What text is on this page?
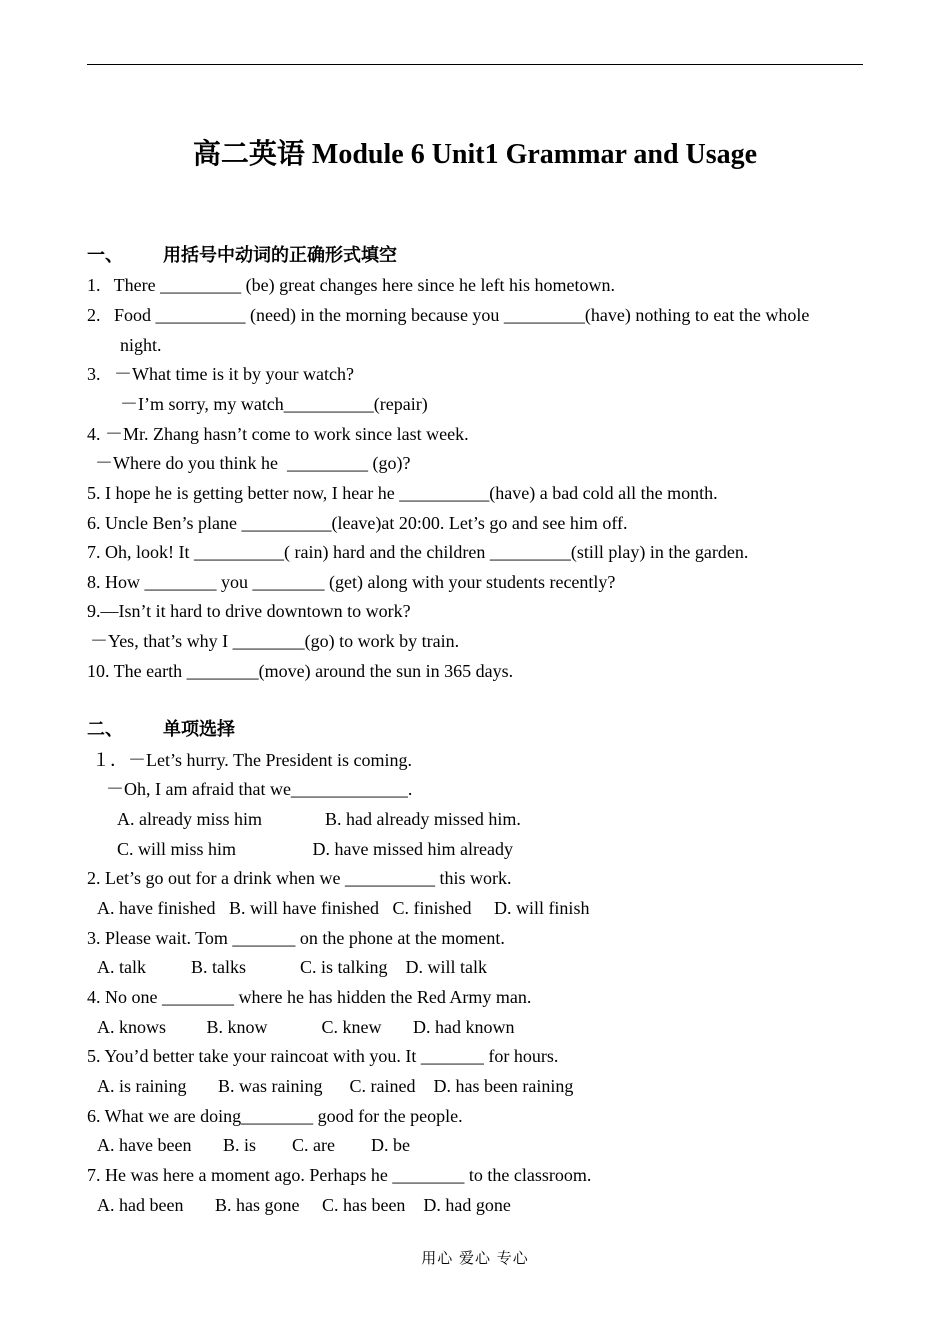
高二英语 Module 6 Unit1 Grammar and Usage
一、 用括号中动词的正确形式填空
1.   There _________ (be) great changes here since he left his hometown.
2.   Food __________ (need) in the morning because you _________(have) nothing to eat the whole
night.
3.   －What time is it by your watch?
－I’m sorry, my watch__________(repair)
4. －Mr. Zhang hasn’t come to work since last week.
－Where do you think he  _________ (go)?
5. I hope he is getting better now, I hear he __________(have) a bad cold all the month.
6. Uncle Ben’s plane __________(leave)at 20:00. Let’s go and see him off.
7. Oh, look! It __________( rain) hard and the children _________(still play) in the garden.
8. How ________ you ________ (get) along with your students recently?
9.—Isn’t it hard to drive downtown to work?
－Yes, that’s why I ________(go) to work by train.
10. The earth ________(move) around the sun in 365 days.
二、 单项选择
１．－Let’s hurry. The President is coming.
－Oh, I am afraid that we_____________.
A. already miss him              B. had already missed him.
C. will miss him                 D. have missed him already
2. Let’s go out for a drink when we __________ this work.
A. have finished   B. will have finished   C. finished     D. will finish
3. Please wait. Tom _______ on the phone at the moment.
A. talk          B. talks            C. is talking    D. will talk
4. No one ________ where he has hidden the Red Army man.
A. knows         B. know            C. knew       D. had known
5. You’d better take your raincoat with you. It _______ for hours.
A. is raining       B. was raining      C. rained    D. has been raining
6. What we are doing________ good for the people.
A. have been       B. is        C. are        D. be
7. He was here a moment ago. Perhaps he ________ to the classroom.
A. had been       B. has gone     C. has been    D. had gone
用心 爱心 专心
